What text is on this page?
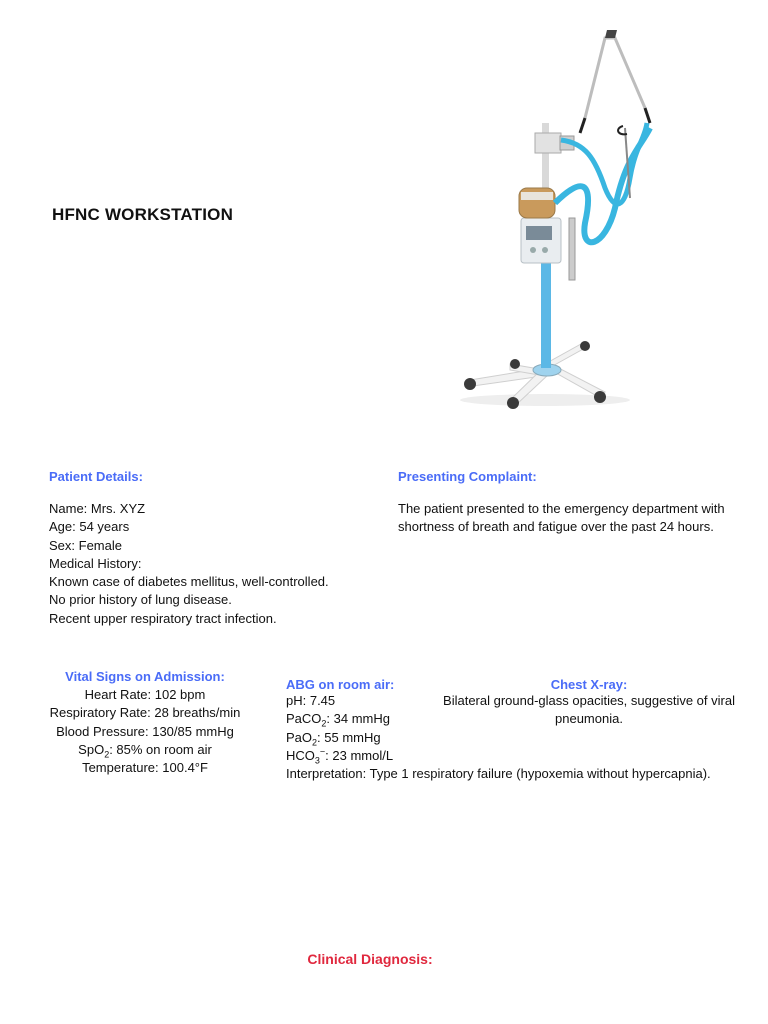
HFNC WORKSTATION
Patient Details:
Name: Mrs. XYZ
Age: 54 years
Sex: Female
Medical History:
Known case of diabetes mellitus, well-controlled.
No prior history of lung disease.
Recent upper respiratory tract infection.
Presenting Complaint:
The patient presented to the emergency department with shortness of breath and fatigue over the past 24 hours.
Vital Signs on Admission:
Heart Rate: 102 bpm
Respiratory Rate: 28 breaths/min
Blood Pressure: 130/85 mmHg
SpO$_2$: 85% on room air
Temperature: 100.4°F
ABG on room air:
pH: 7.45
PaCO$_2$: 34 mmHg
PaO$_2$: 55 mmHg
$HCO_3^-$: 23 mmol/L
Interpretation: Type 1 respiratory failure (hypoxemia without hypercapnia).
Chest X-ray:
Bilateral ground-glass opacities, suggestive of viral pneumonia.
Clinical Diagnosis:
